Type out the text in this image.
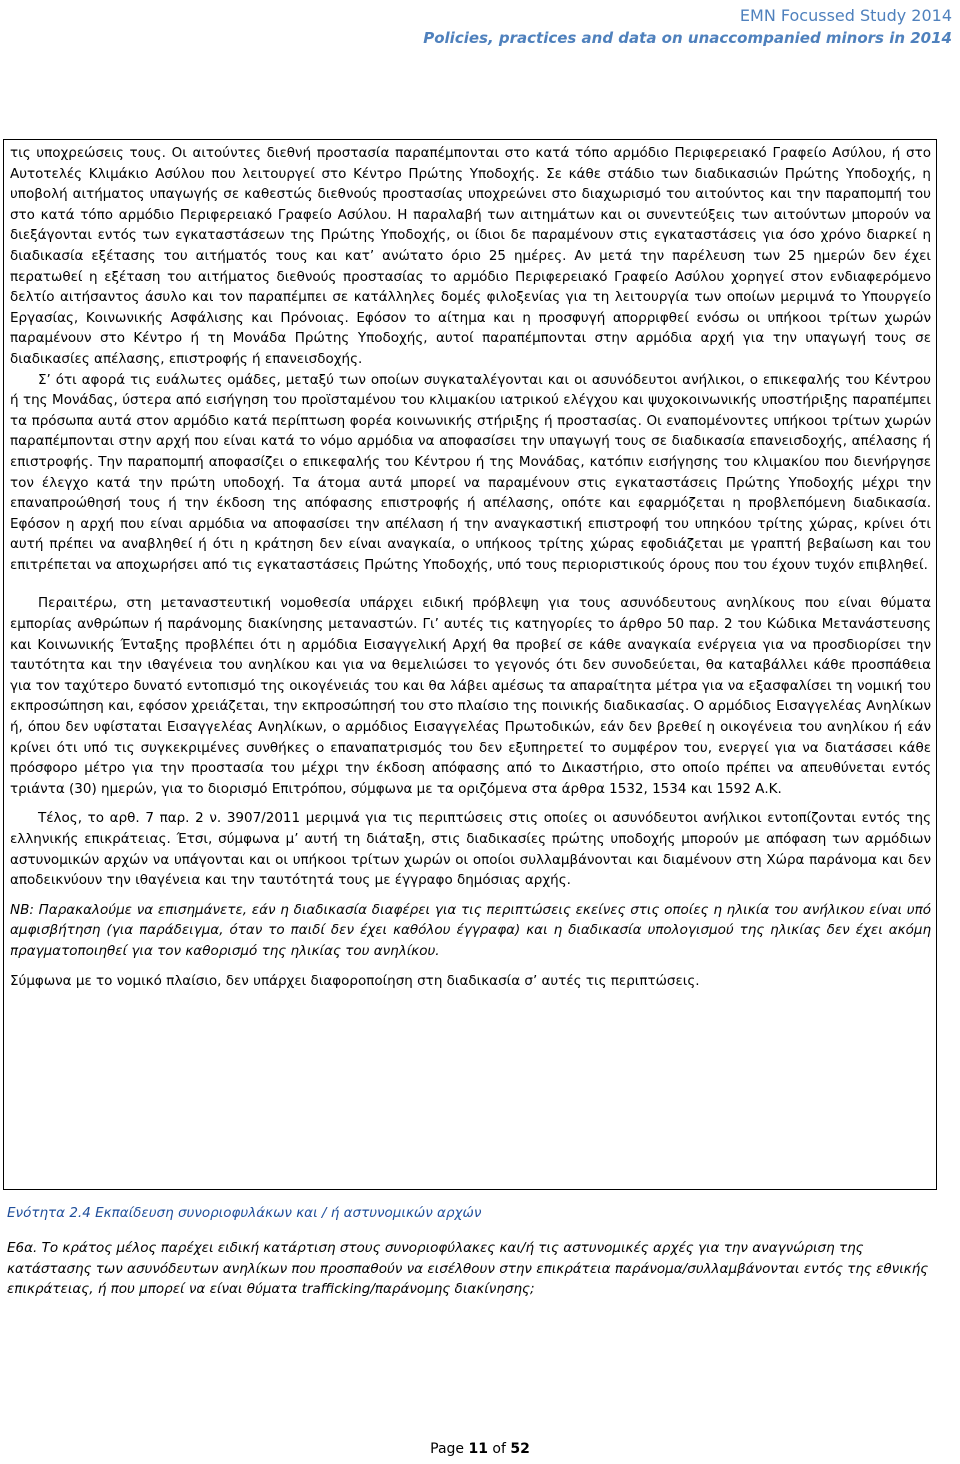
EMN Focussed Study 2014
Policies, practices and data on unaccompanied minors in 2014

τις υποχρεώσεις τους. Οι αιτούντες διεθνή προστασία παραπέμπονται στο κατά τόπο αρμόδιο Περιφερειακό Γραφείο Ασύλου, ή στο Αυτοτελές Κλιμάκιο Ασύλου που λειτουργεί στο Κέντρο Πρώτης Υποδοχής. Σε κάθε στάδιο των διαδικασιών Πρώτης Υποδοχής, η υποβολή αιτήματος υπαγωγής σε καθεστώς διεθνούς προστασίας υποχρεώνει στο διαχωρισμό του αιτούντος και την παραπομπή του στο κατά τόπο αρμόδιο Περιφερειακό Γραφείο Ασύλου. Η παραλαβή των αιτημάτων και οι συνεντεύξεις των αιτούντων μπορούν να διεξάγονται εντός των εγκαταστάσεων της Πρώτης Υποδοχής, οι ίδιοι δε παραμένουν στις εγκαταστάσεις για όσο χρόνο διαρκεί η διαδικασία εξέτασης του αιτήματός τους και κατ’ ανώτατο όριο 25 ημέρες. Αν μετά την παρέλευση των 25 ημερών δεν έχει περατωθεί η εξέταση του αιτήματος διεθνούς προστασίας το αρμόδιο Περιφερειακό Γραφείο Ασύλου χορηγεί στον ενδιαφερόμενο δελτίο αιτήσαντος άσυλο και τον παραπέμπει σε κατάλληλες δομές φιλοξενίας για τη λειτουργία των οποίων μεριμνά το Υπουργείο Εργασίας, Κοινωνικής Ασφάλισης και Πρόνοιας. Εφόσον το αίτημα και η προσφυγή απορριφθεί ενόσω οι υπήκοοι τρίτων χωρών παραμένουν στο Κέντρο ή τη Μονάδα Πρώτης Υποδοχής, αυτοί παραπέμπονται στην αρμόδια αρχή για την υπαγωγή τους σε διαδικασίες απέλασης, επιστροφής ή επανεισδοχής.

Σ’ ότι αφορά τις ευάλωτες ομάδες, μεταξύ των οποίων συγκαταλέγονται και οι ασυνόδευτοι ανήλικοι, ο επικεφαλής του Κέντρου ή της Μονάδας, ύστερα από εισήγηση του προϊσταμένου του κλιμακίου ιατρικού ελέγχου και ψυχοκοινωνικής υποστήριξης παραπέμπει τα πρόσωπα αυτά στον αρμόδιο κατά περίπτωση φορέα κοινωνικής στήριξης ή προστασίας. Οι εναπομένοντες υπήκοοι τρίτων χωρών παραπέμπονται στην αρχή που είναι κατά το νόμο αρμόδια να αποφασίσει την υπαγωγή τους σε διαδικασία επανεισδοχής, απέλασης ή επιστροφής. Την παραπομπή αποφασίζει ο επικεφαλής του Κέντρου ή της Μονάδας, κατόπιν εισήγησης του κλιμακίου που διενήργησε τον έλεγχο κατά την πρώτη υποδοχή. Τα άτομα αυτά μπορεί να παραμένουν στις εγκαταστάσεις Πρώτης Υποδοχής μέχρι την επαναπροώθησή τους ή την έκδοση της απόφασης επιστροφής ή απέλασης, οπότε και εφαρμόζεται η προβλεπόμενη διαδικασία. Εφόσον η αρχή που είναι αρμόδια να αποφασίσει την απέλαση ή την αναγκαστική επιστροφή του υπηκόου τρίτης χώρας, κρίνει ότι αυτή πρέπει να αναβληθεί ή ότι η κράτηση δεν είναι αναγκαία, ο υπήκοος τρίτης χώρας εφοδιάζεται με γραπτή βεβαίωση και του επιτρέπεται να αποχωρήσει από τις εγκαταστάσεις Πρώτης Υποδοχής, υπό τους περιοριστικούς όρους που του έχουν τυχόν επιβληθεί.

Περαιτέρω, στη μεταναστευτική νομοθεσία υπάρχει ειδική πρόβλεψη για τους ασυνόδευτους ανηλίκους που είναι θύματα εμπορίας ανθρώπων ή παράνομης διακίνησης μεταναστών. Γι’ αυτές τις κατηγορίες το άρθρο 50 παρ. 2 του Κώδικα Μετανάστευσης και Κοινωνικής Ένταξης προβλέπει ότι η αρμόδια Εισαγγελική Αρχή θα προβεί σε κάθε αναγκαία ενέργεια για να προσδιορίσει την ταυτότητα και την ιθαγένεια του ανηλίκου και για να θεμελιώσει το γεγονός ότι δεν συνοδεύεται, θα καταβάλλει κάθε προσπάθεια για τον ταχύτερο δυνατό εντοπισμό της οικογένειάς του και θα λάβει αμέσως τα απαραίτητα μέτρα για να εξασφαλίσει τη νομική του εκπροσώπηση και, εφόσον χρειάζεται, την εκπροσώπησή του στο πλαίσιο της ποινικής διαδικασίας. Ο αρμόδιος Εισαγγελέας Ανηλίκων ή, όπου δεν υφίσταται Εισαγγελέας Ανηλίκων, ο αρμόδιος Εισαγγελέας Πρωτοδικών, εάν δεν βρεθεί η οικογένεια του ανηλίκου ή εάν κρίνει ότι υπό τις συγκεκριμένες συνθήκες ο επαναπατρισμός του δεν εξυπηρετεί το συμφέρον του, ενεργεί για να διατάσσει κάθε πρόσφορο μέτρο για την προστασία του μέχρι την έκδοση απόφασης από το Δικαστήριο, στο οποίο πρέπει να απευθύνεται εντός τριάντα (30) ημερών, για το διορισμό Επιτρόπου, σύμφωνα με τα οριζόμενα στα άρθρα 1532, 1534 και 1592 Α.Κ.

Τέλος, το αρθ. 7 παρ. 2 ν. 3907/2011 μεριμνά για τις περιπτώσεις στις οποίες οι ασυνόδευτοι ανήλικοι εντοπίζονται εντός της ελληνικής επικράτειας. Έτσι, σύμφωνα μ’ αυτή τη διάταξη, στις διαδικασίες πρώτης υποδοχής μπορούν με απόφαση των αρμόδιων αστυνομικών αρχών να υπάγονται και οι υπήκοοι τρίτων χωρών οι οποίοι συλλαμβάνονται και διαμένουν στη Χώρα παράνομα και δεν αποδεικνύουν την ιθαγένεια και την ταυτότητά τους με έγγραφο δημόσιας αρχής.

NB: Παρακαλούμε να επισημάνετε, εάν η διαδικασία διαφέρει για τις περιπτώσεις εκείνες στις οποίες η ηλικία του ανήλικου είναι υπό αμφισβήτηση (για παράδειγμα, όταν το παιδί δεν έχει καθόλου έγγραφα) και η διαδικασία υπολογισμού της ηλικίας δεν έχει ακόμη πραγματοποιηθεί για τον καθορισμό της ηλικίας του ανηλίκου.

Σύμφωνα με το νομικό πλαίσιο, δεν υπάρχει διαφοροποίηση στη διαδικασία σ’ αυτές τις περιπτώσεις.

Ενότητα 2.4 Εκπαίδευση συνοριοφυλάκων και / ή αστυνομικών αρχών
Ε6α. Το κράτος μέλος παρέχει ειδική κατάρτιση στους συνοριοφύλακες και/ή τις αστυνομικές αρχές για την αναγνώριση της κατάστασης των ασυνόδευτων ανηλίκων που προσπαθούν να εισέλθουν στην επικράτεια παράνομα/συλλαμβάνονται εντός της εθνικής επικράτειας, ή που μπορεί να είναι θύματα trafficking/παράνομης διακίνησης;
Page 11 of 52
